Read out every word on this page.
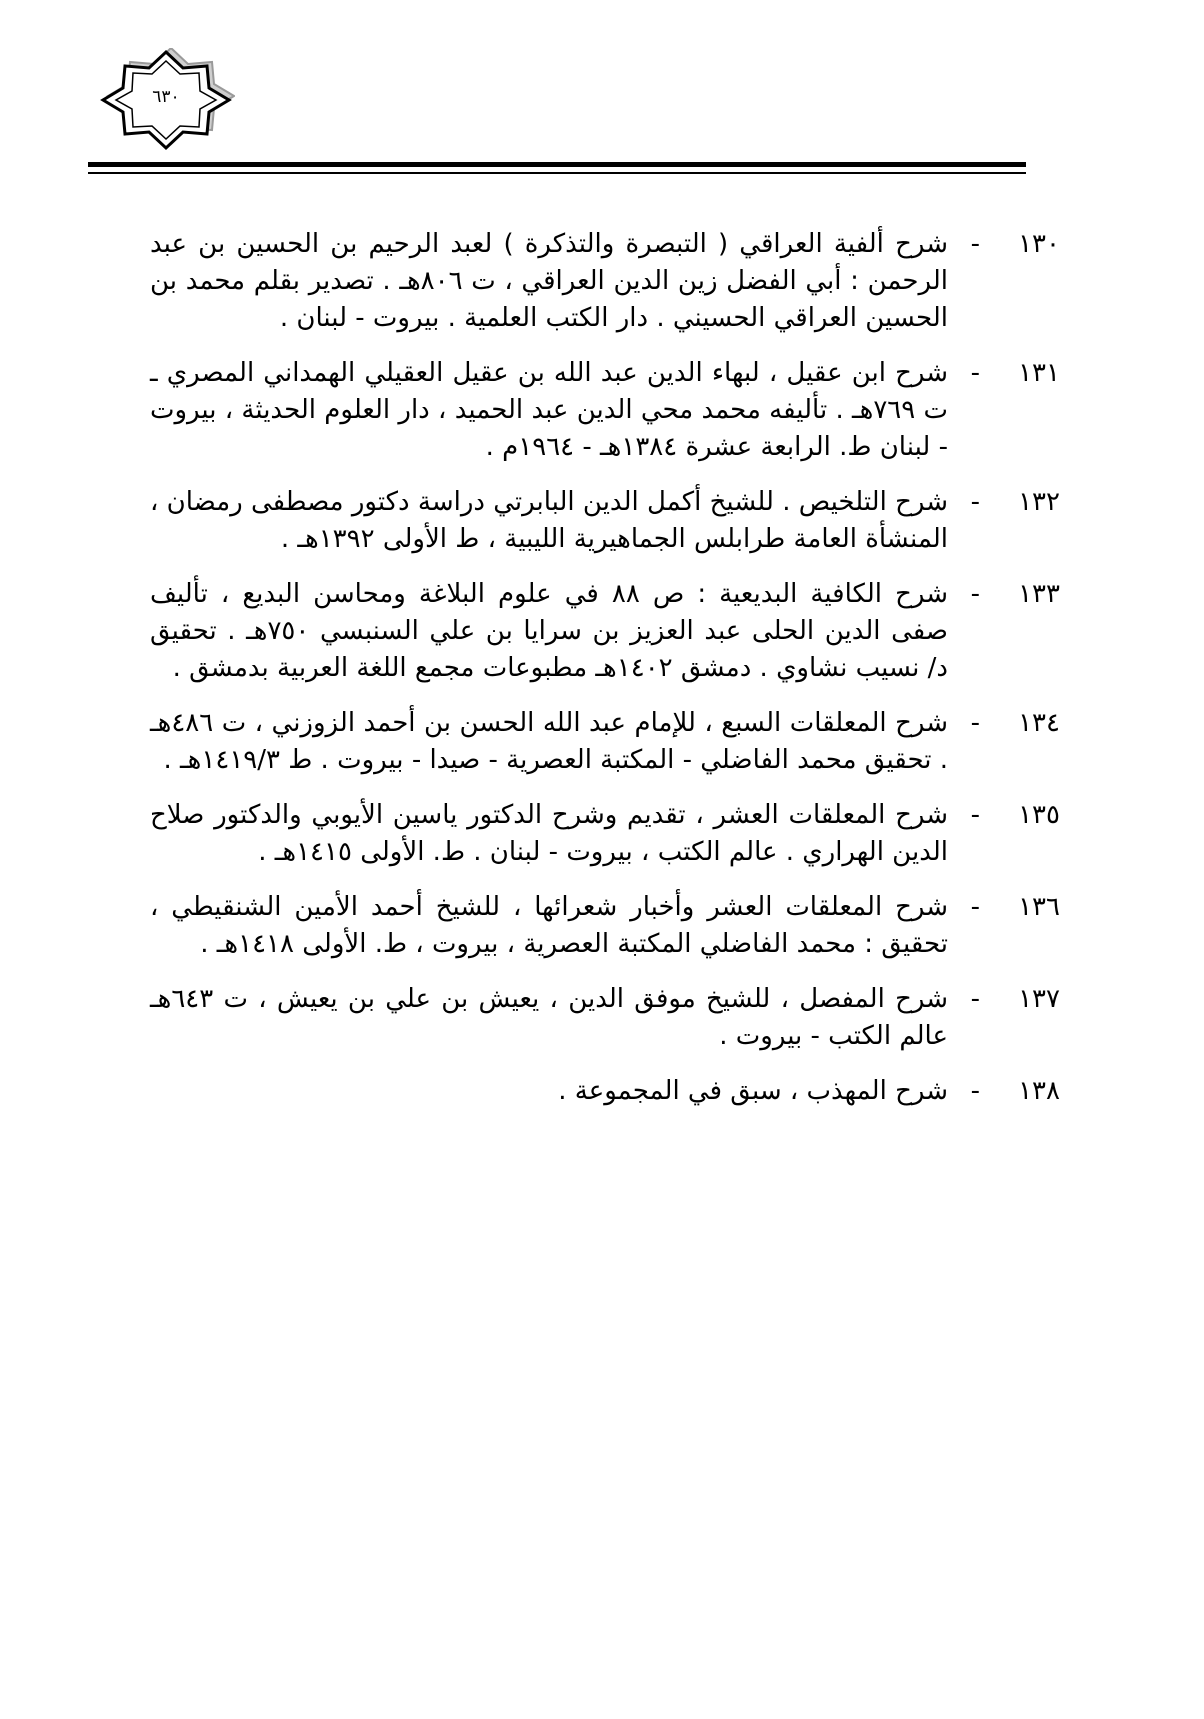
٦٣٠
١٣٠
-
شرح ألفية العراقي ( التبصرة والتذكرة ) لعبد الرحيم بن الحسين بن عبد الرحمن : أبي الفضل زين الدين العراقي ، ت ٨٠٦هـ . تصدير بقلم محمد بن الحسين العراقي الحسيني . دار الكتب العلمية . بيروت - لبنان .
١٣١
-
شرح ابن عقيل ، لبهاء الدين عبد الله بن عقيل العقيلي الهمداني المصري ـ ت ٧٦٩هـ . تأليفه محمد محي الدين عبد الحميد ، دار العلوم الحديثة ، بيروت - لبنان ط. الرابعة عشرة ١٣٨٤هـ - ١٩٦٤م .
١٣٢
-
شرح التلخيص . للشيخ أكمل الدين البابرتي دراسة دكتور مصطفى رمضان ، المنشأة العامة طرابلس الجماهيرية الليبية ، ط الأولى ١٣٩٢هـ .
١٣٣
-
شرح الكافية البديعية : ص ٨٨ في علوم البلاغة ومحاسن البديع ، تأليف صفى الدين الحلى عبد العزيز بن سرايا بن علي السنبسي ٧٥٠هـ . تحقيق د/ نسيب نشاوي . دمشق ١٤٠٢هـ مطبوعات مجمع اللغة العربية بدمشق .
١٣٤
-
شرح المعلقات السبع ، للإمام عبد الله الحسن بن أحمد الزوزني ، ت ٤٨٦هـ . تحقيق محمد الفاضلي - المكتبة العصرية - صيدا - بيروت . ط ١٤١٩/٣هـ .
١٣٥
-
شرح المعلقات العشر ، تقديم وشرح الدكتور ياسين الأيوبي والدكتور صلاح الدين الهراري . عالم الكتب ، بيروت - لبنان . ط. الأولى ١٤١٥هـ .
١٣٦
-
شرح المعلقات العشر وأخبار شعرائها ، للشيخ أحمد الأمين الشنقيطي ، تحقيق : محمد الفاضلي المكتبة العصرية ، بيروت ، ط. الأولى ١٤١٨هـ .
١٣٧
-
شرح المفصل ، للشيخ موفق الدين ، يعيش بن علي بن يعيش ، ت ٦٤٣هـ عالم الكتب - بيروت .
١٣٨
-
شرح المهذب ، سبق في المجموعة .
